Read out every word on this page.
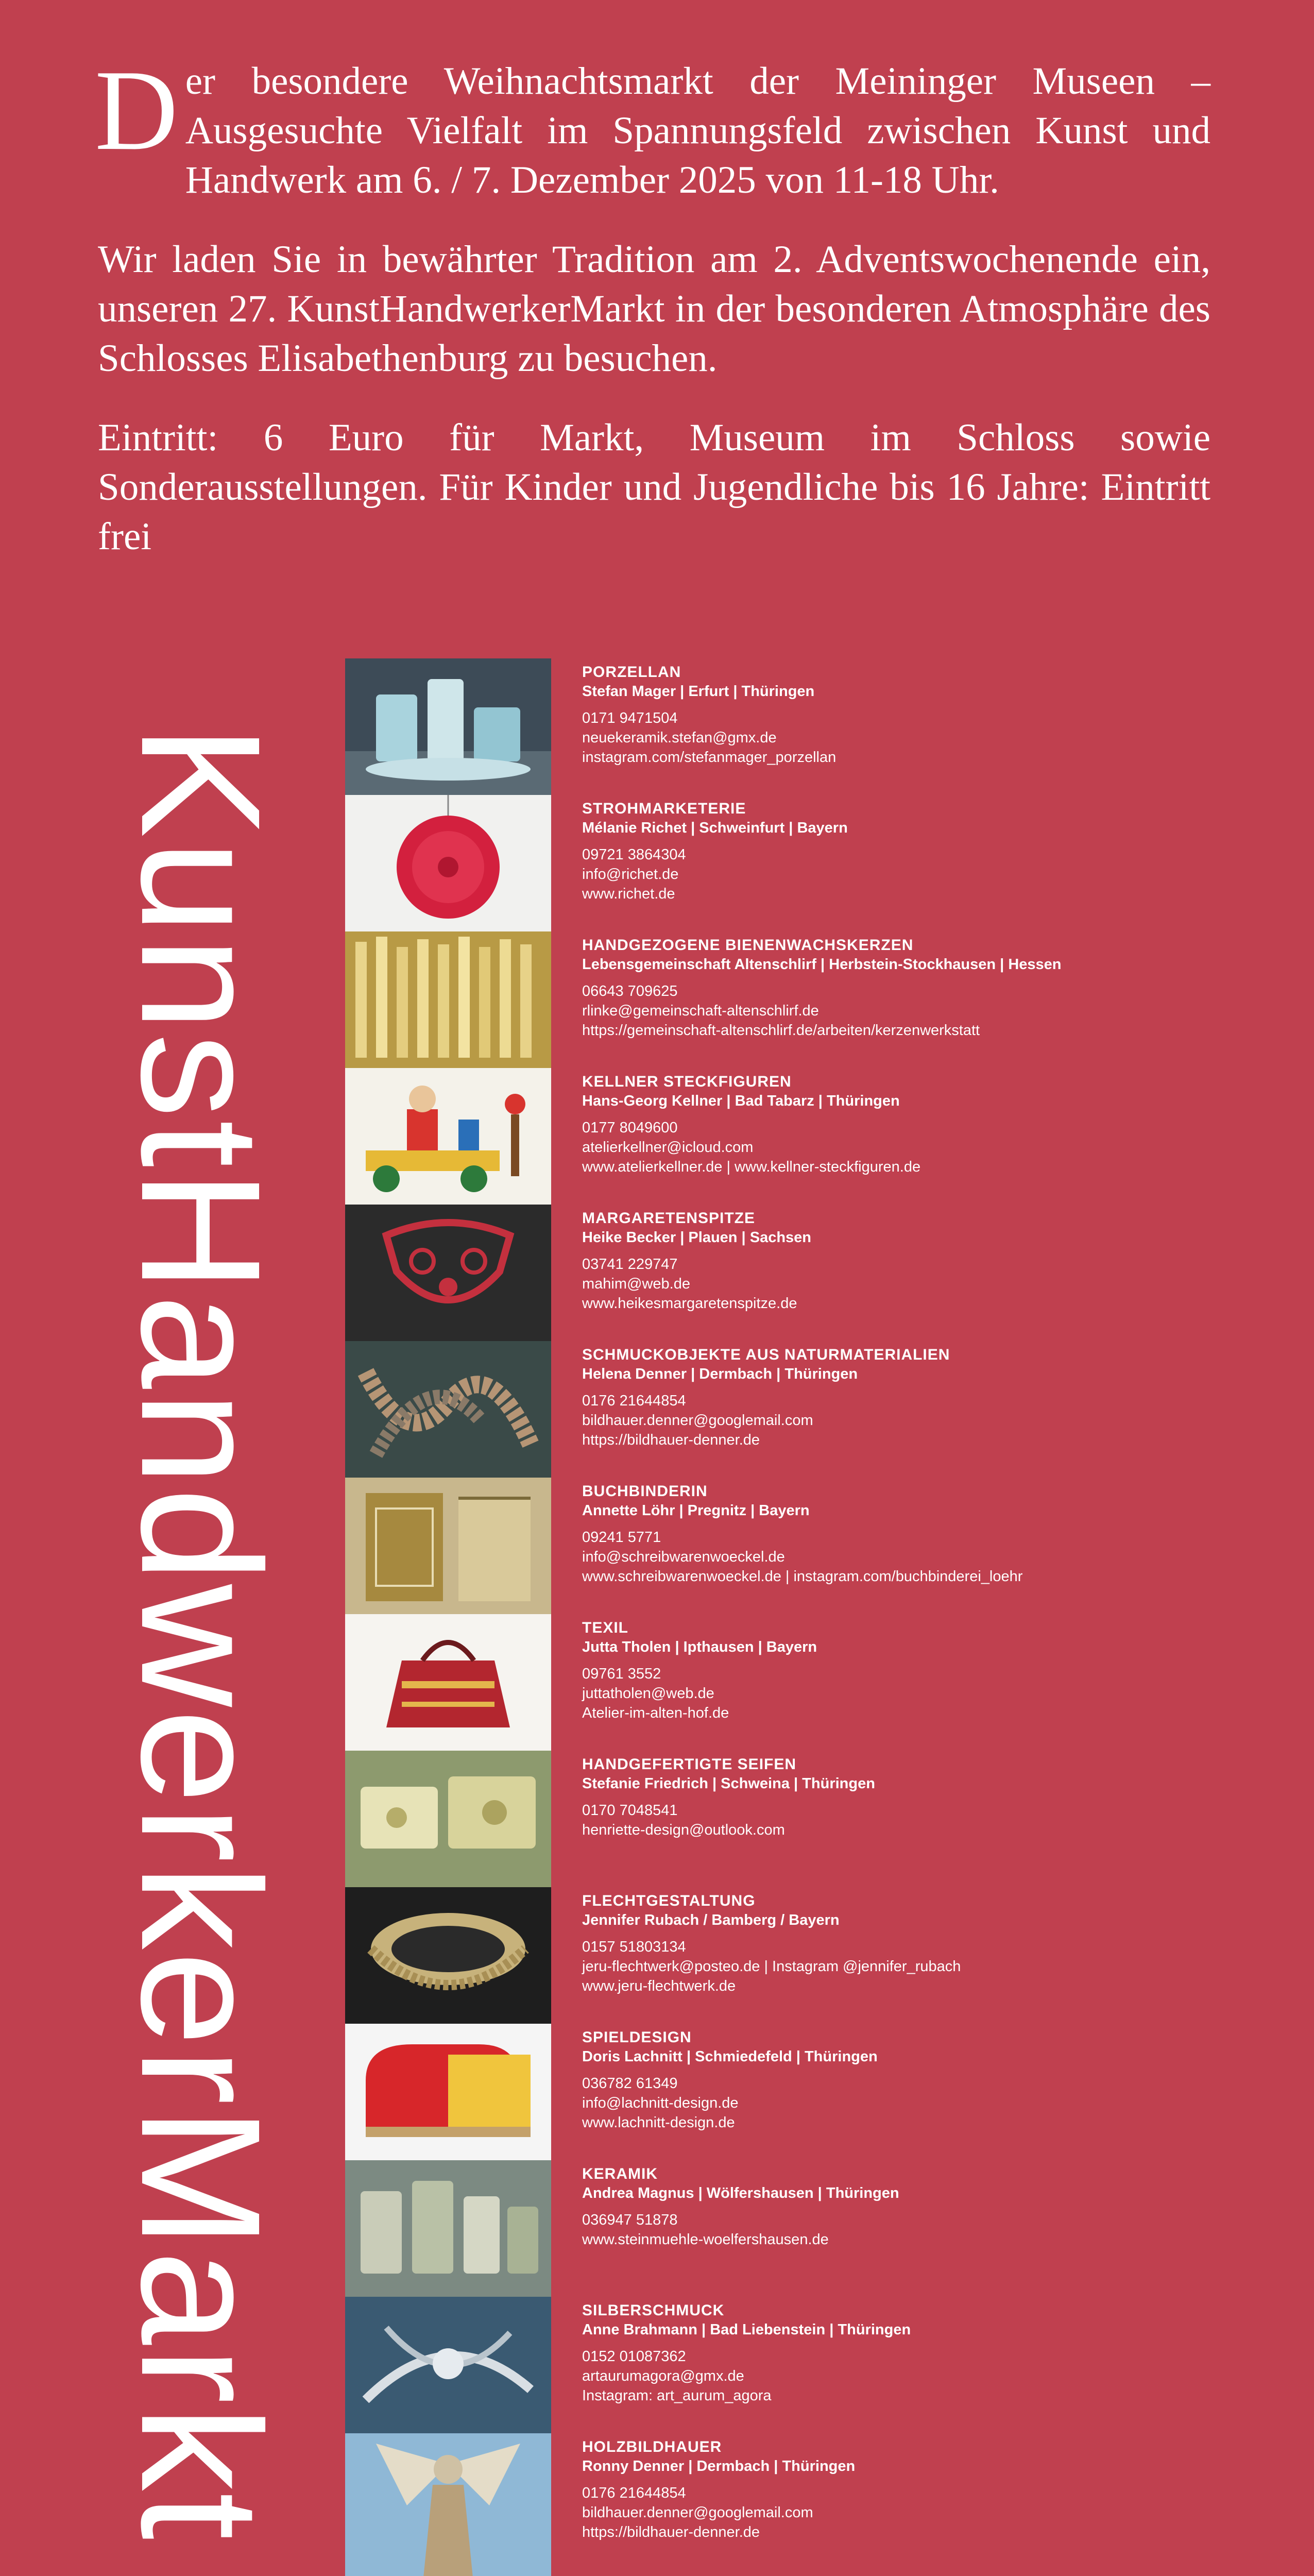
Der besondere Weihnachtsmarkt der Meininger Museen – Ausgesuchte Vielfalt im Spannungsfeld zwischen Kunst und Handwerk am 6. / 7. Dezember 2025 von 11-18 Uhr.

Wir laden Sie in bewährter Tradition am 2. Adventswochenende ein, unseren 27. KunstHandwerkerMarkt in der besonderen Atmosphäre des Schlosses Elisabethenburg zu besuchen.

Eintritt: 6 Euro für Markt, Museum im Schloss sowie Sonderausstellungen. Für Kinder und Jugendliche bis 16 Jahre: Eintritt frei

KunstHandwerkerMarkt
PORZELLAN
Stefan Mager | Erfurt | Thüringen
0171 9471504
neuekeramik.stefan@gmx.de
instagram.com/stefanmager_porzellan
STROHMARKETERIE
Mélanie Richet | Schweinfurt | Bayern
09721 3864304
info@richet.de
www.richet.de
HANDGEZOGENE BIENENWACHSKERZEN
Lebensgemeinschaft Altenschlirf | Herbstein-Stockhausen | Hessen
06643 709625
rlinke@gemeinschaft-altenschlirf.de
https://gemeinschaft-altenschlirf.de/arbeiten/kerzenwerkstatt
KELLNER STECKFIGUREN
Hans-Georg Kellner | Bad Tabarz | Thüringen
0177 8049600
atelierkellner@icloud.com
www.atelierkellner.de | www.kellner-steckfiguren.de
MARGARETENSPITZE
Heike Becker | Plauen | Sachsen
03741 229747
mahim@web.de
www.heikesmargaretenspitze.de
SCHMUCKOBJEKTE AUS NATURMATERIALIEN
Helena Denner | Dermbach | Thüringen
0176 21644854
bildhauer.denner@googlemail.com
https://bildhauer-denner.de
BUCHBINDERIN
Annette Löhr | Pregnitz | Bayern
09241 5771
info@schreibwarenwoeckel.de
www.schreibwarenwoeckel.de | instagram.com/buchbinderei_loehr
TEXIL
Jutta Tholen | Ipthausen | Bayern
09761 3552
juttatholen@web.de
Atelier-im-alten-hof.de
HANDGEFERTIGTE SEIFEN
Stefanie Friedrich | Schweina | Thüringen
0170 7048541
henriette-design@outlook.com
FLECHTGESTALTUNG
Jennifer Rubach / Bamberg / Bayern
0157 51803134
jeru-flechtwerk@posteo.de | Instagram @jennifer_rubach
www.jeru-flechtwerk.de
SPIELDESIGN
Doris Lachnitt | Schmiedefeld | Thüringen
036782 61349
info@lachnitt-design.de
www.lachnitt-design.de
KERAMIK
Andrea Magnus | Wölfershausen | Thüringen
036947 51878
www.steinmuehle-woelfershausen.de
SILBERSCHMUCK
Anne Brahmann | Bad Liebenstein | Thüringen
0152 01087362
artaurumagora@gmx.de
Instagram: art_aurum_agora
HOLZBILDHAUER
Ronny Denner | Dermbach | Thüringen
0176 21644854
bildhauer.denner@googlemail.com
https://bildhauer-denner.de
